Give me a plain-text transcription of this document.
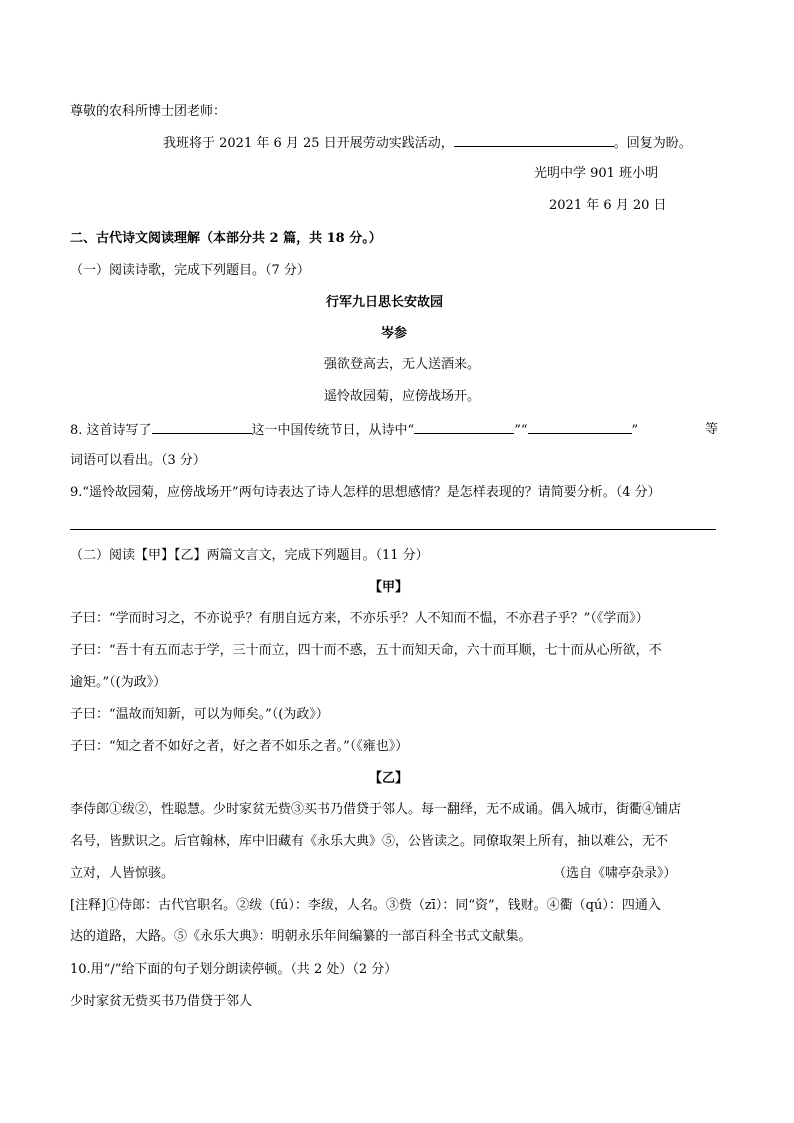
尊敬的农科所博士团老师：
我班将于 2021 年 6 月 25 日开展劳动实践活动，	。回复为盼。
光明中学 901 班小明
2021 年 6 月 20 日
二、古代诗文阅读理解（本部分共 2 篇，共 18 分。）
（一）阅读诗歌，完成下列题目。（7 分）
行军九日思长安故园
岑参
强欲登高去，无人送酒来。
遥怜故园菊，应傍战场开。
8. 这首诗写了	这一中国传统节日，从诗中“	”“	”	等
词语可以看出。（3 分）
9.“遥怜故园菊，应傍战场开”两句诗表达了诗人怎样的思想感情？是怎样表现的？请简要分析。（4 分）
（二）阅读【甲】【乙】两篇文言文，完成下列题目。（11 分）
【甲】
子曰：“学而时习之，不亦说乎？有朋自远方来，不亦乐乎？人不知而不愠，不亦君子乎？”（《学而》）
子曰：“吾十有五而志于学，三十而立，四十而不惑，五十而知天命，六十而耳顺，七十而从心所欲，不
逾矩。”（(为政》）
子曰：“温故而知新，可以为师矣。”（(为政》）
子曰：“知之者不如好之者，好之者不如乐之者。”（《雍也》）
【乙】
李侍郎①绂②，性聪慧。少时家贫无赀③买书乃借贷于邻人。每一翻绎，无不成诵。偶入城市，街衢④铺店
名号，皆默识之。后官翰林，库中旧藏有《永乐大典》⑤，公皆读之。同僚取架上所有，抽以难公，无不
立对，人皆惊骇。	（选自《啸亭杂录》）
[注释]①侍郎：古代官职名。②绂（fú）：李绂，人名。③赀（zī）：同“资”，钱财。④衢（qú）：四通入
达的道路，大路。⑤《永乐大典》：明朝永乐年间编纂的一部百科全书式文献集。
10.用“/”给下面的句子划分朗读停顿。（共 2 处）（2 分）
少时家贫无赀买书乃借贷于邻人
